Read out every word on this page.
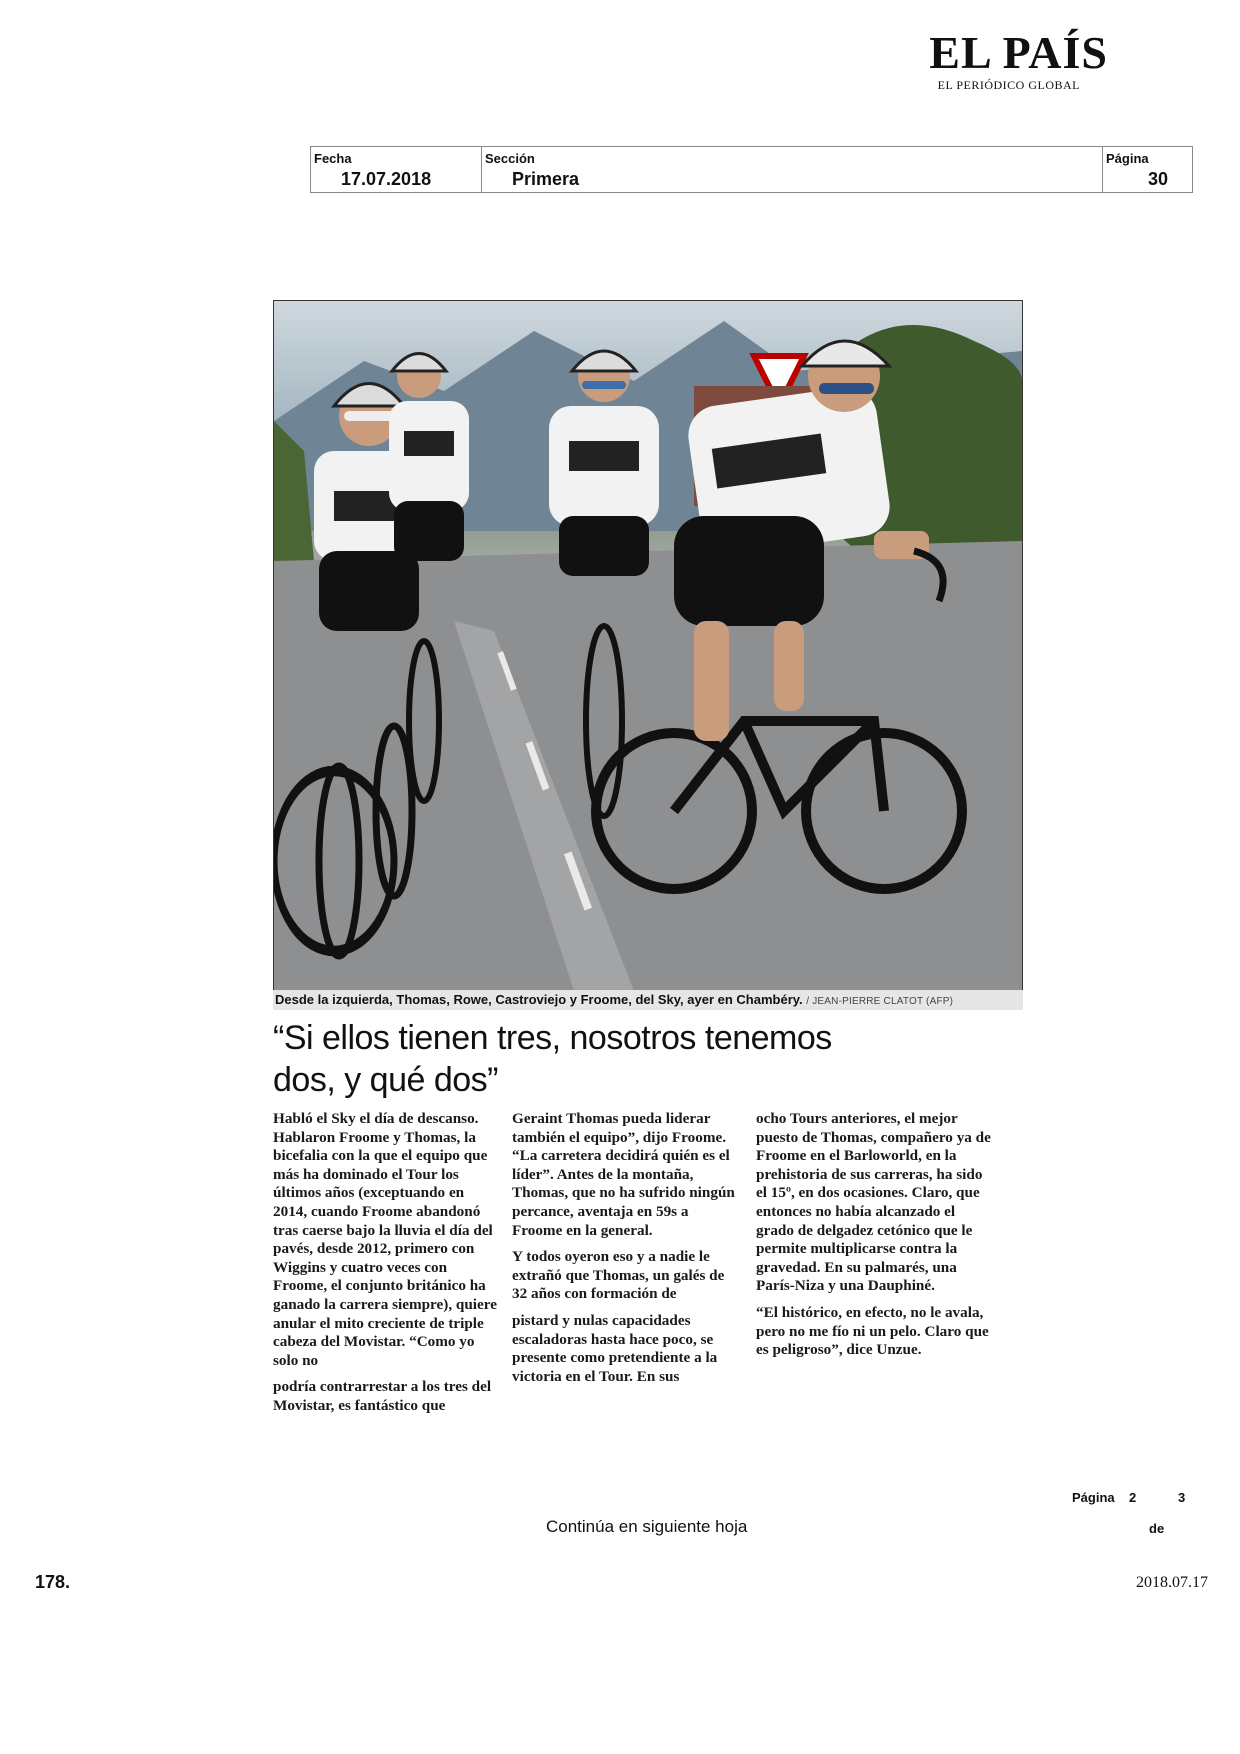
EL PAÍS
EL PERIÓDICO GLOBAL
Fecha
17.07.2018
Sección
Primera
Página
30
Desde la izquierda, Thomas, Rowe, Castroviejo y Froome, del Sky, ayer en Chambéry. / JEAN-PIERRE CLATOT (AFP)
“Si ellos tienen tres, nosotros tenemos dos, y qué dos”

Habló el Sky el día de descanso. Hablaron Froome y Thomas, la bicefalia con la que el equipo que más ha dominado el Tour los últimos años (exceptuando en 2014, cuando Froome abandonó tras caerse bajo la lluvia el día del pavés, desde 2012, primero con Wiggins y cuatro veces con Froome, el conjunto británico ha ganado la carrera siempre), quiere anular el mito creciente de triple cabeza del Movistar. “Como yo solo no

podría contrarrestar a los tres del Movistar, es fantástico que

Geraint Thomas pueda liderar también el equipo”, dijo Froome. “La carretera decidirá quién es el líder”. Antes de la montaña, Thomas, que no ha sufrido ningún percance, aventaja en 59s a Froome en la general.

Y todos oyeron eso y a nadie le extrañó que Thomas, un galés de 32 años con formación de

pistard y nulas capacidades escaladoras hasta hace poco, se presente como pretendiente a la victoria en el Tour. En sus

ocho Tours anteriores, el mejor puesto de Thomas, compañero ya de Froome en el Barloworld, en la prehistoria de sus carreras, ha sido el 15º, en dos ocasiones. Claro, que entonces no había alcanzado el grado de delgadez cetónico que le permite multiplicarse contra la gravedad. En su palmarés, una París-Niza y una Dauphiné.

“El histórico, en efecto, no le avala, pero no me fío ni un pelo. Claro que es peligroso”, dice Unzue.

Página 2	3
de
Continúa en siguiente hoja
178.	2018.07.17
